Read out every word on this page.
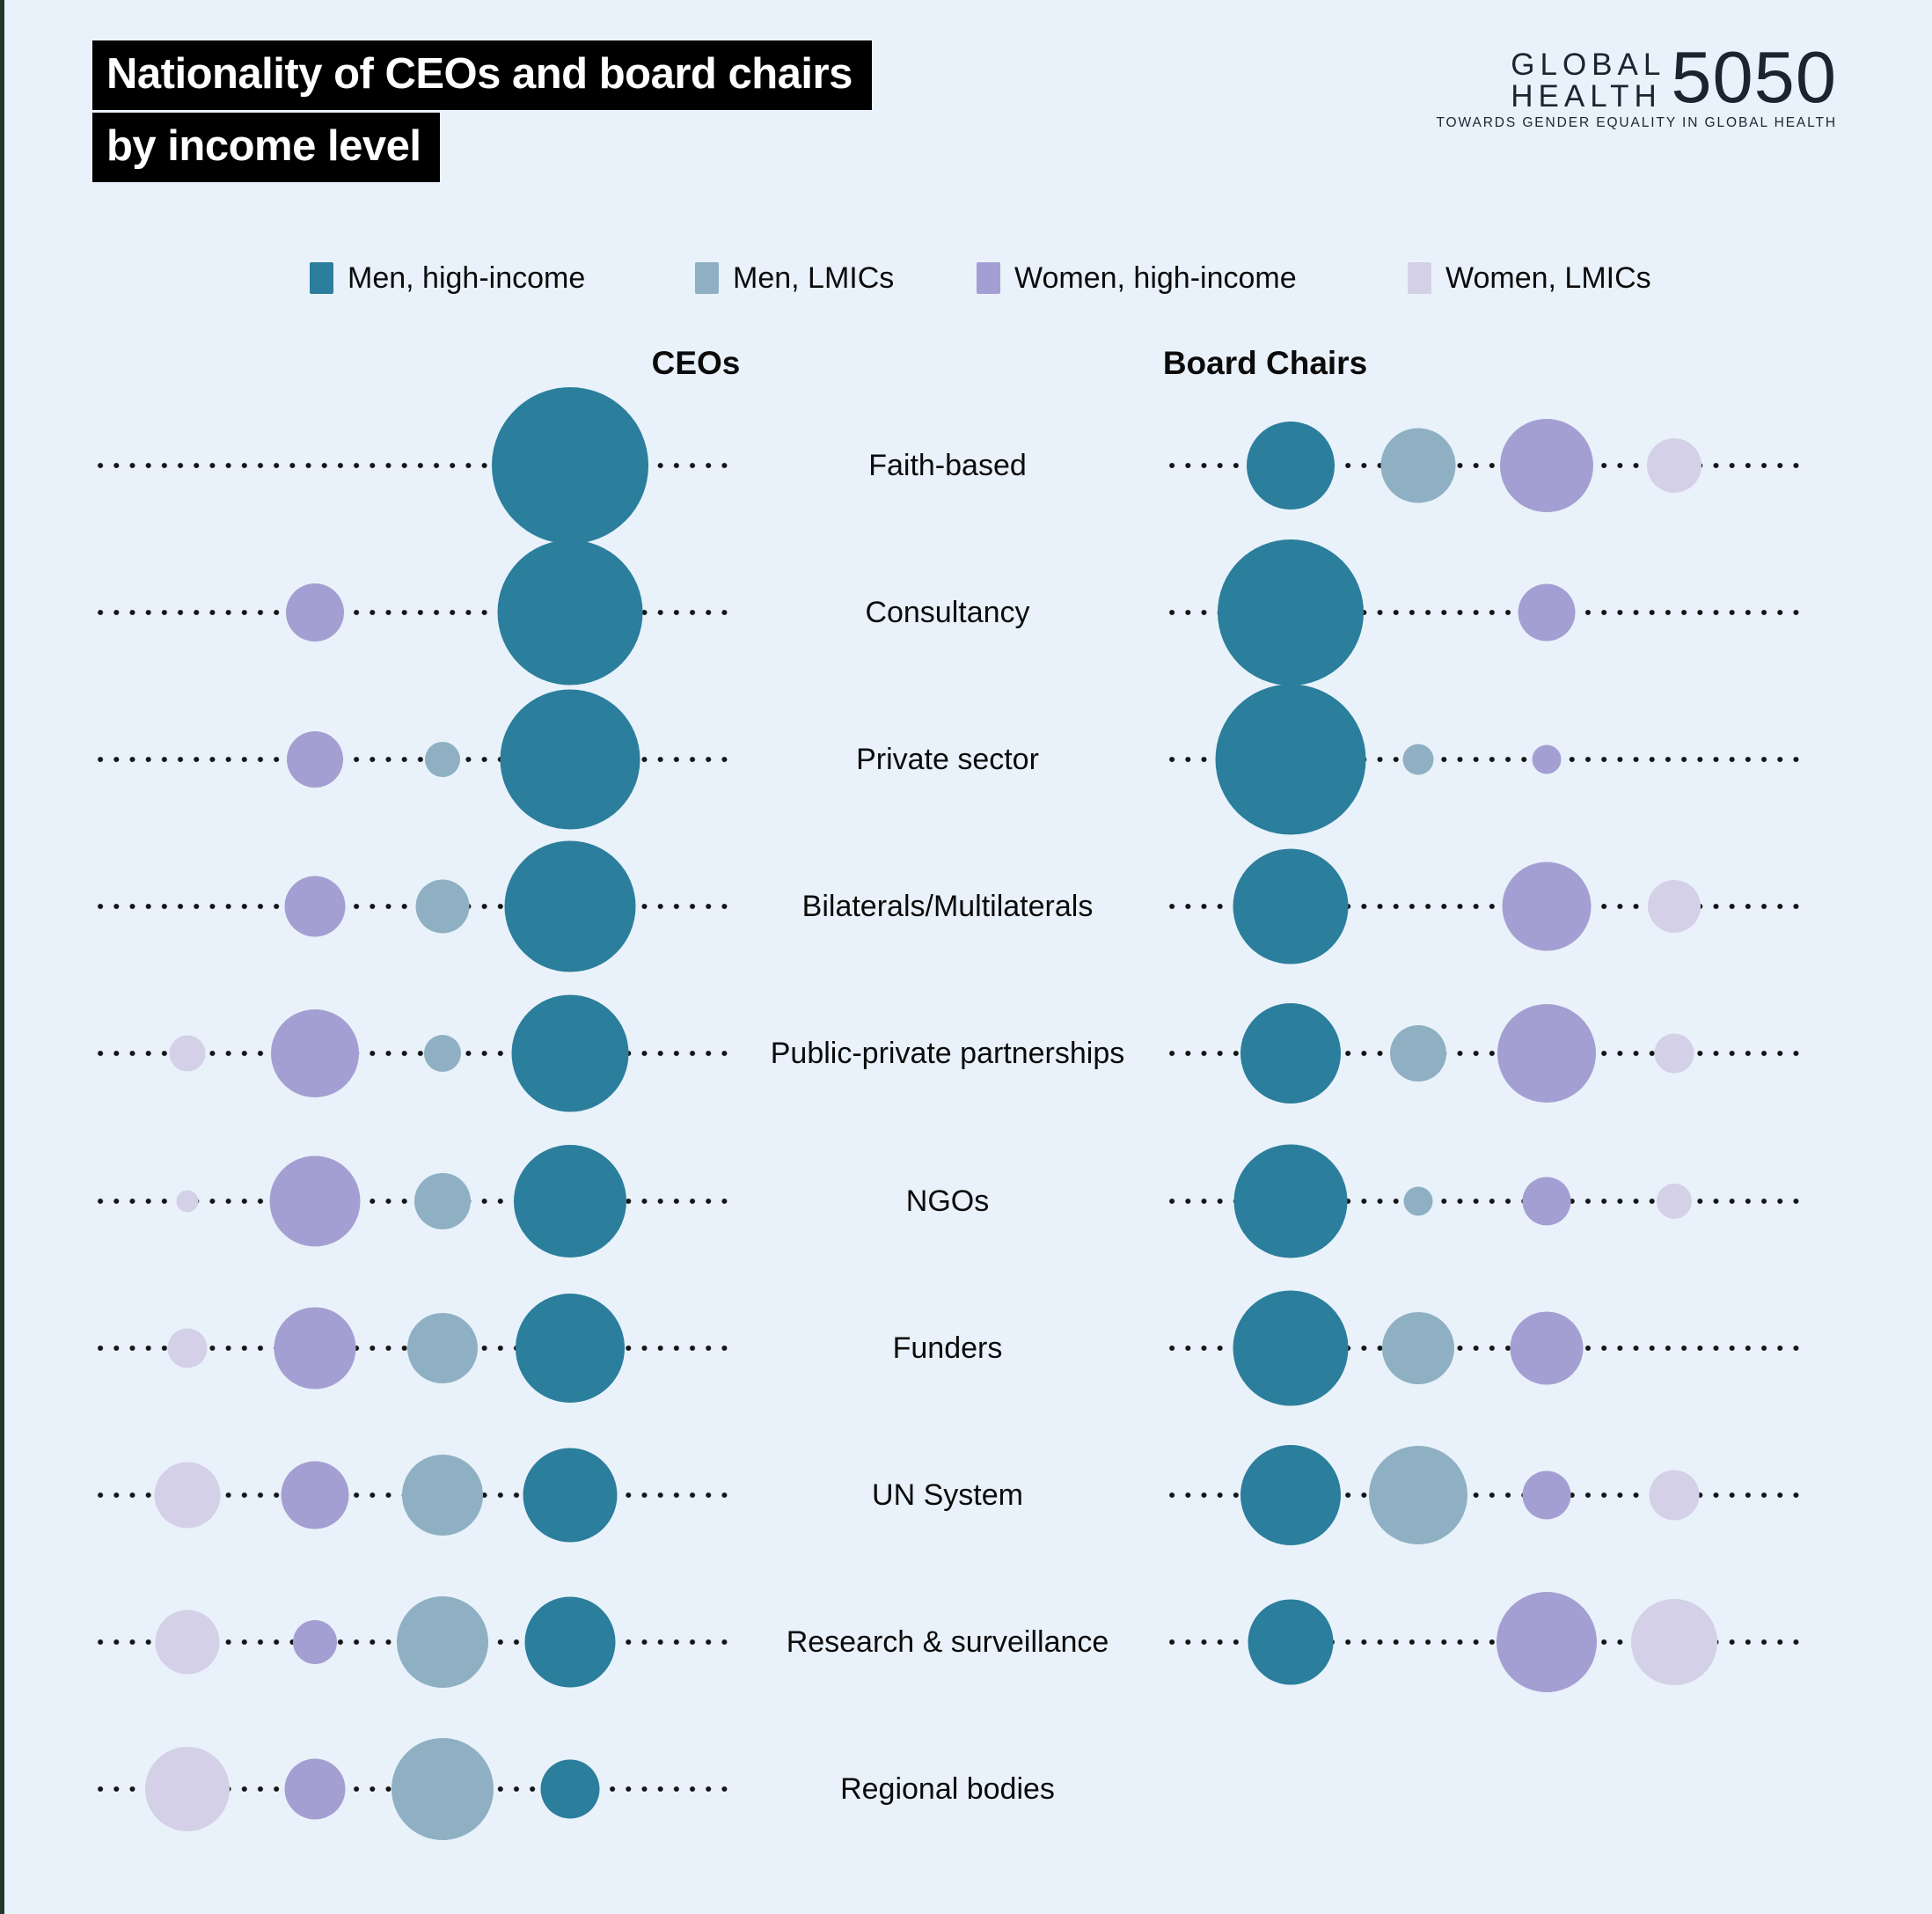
Nationality of CEOs and board chairs
by income level
GLOBAL
HEALTH 5050
TOWARDS GENDER EQUALITY IN GLOBAL HEALTH
Men, high-income	Men, LMICs	Women, high-income	Women, LMICs
CEOs	Board Chairs
Faith-based
Consultancy
Private sector
Bilaterals/Multilaterals
Public-private partnerships
NGOs
Funders
UN System
Research & surveillance
Regional bodies
